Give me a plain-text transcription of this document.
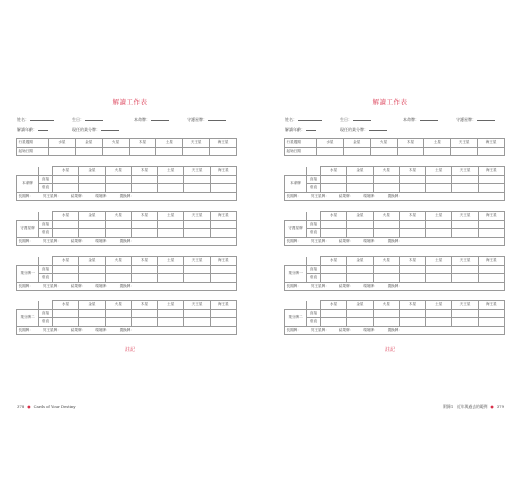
解讀工作表
姓名：	生日：	本命牌：	守護星牌：
解讀年齡：	現任的業分牌：
行星週期	水星	金星	火星	木星	土星	天王星	海王星
起始日期							
		水星	金星	火星	木星	土星	天王星	海王星
本命牌	直接							
	垂直							
長期牌： 冥王星牌： 結果牌： 環境牌： 置換牌：								
		水星	金星	火星	木星	土星	天王星	海王星
守護星牌	直接							
	垂直							
長期牌： 冥王星牌： 結果牌： 環境牌： 置換牌：								
		水星	金星	火星	木星	土星	天王星	海王星
業分牌一	直接							
	垂直							
長期牌： 冥王星牌： 結果牌： 環境牌： 置換牌：								
		水星	金星	火星	木星	土星	天王星	海王星
業分牌二	直接							
	垂直							
長期牌： 冥王星牌： 結果牌： 環境牌： 置換牌：								
註記
378 ● Cards of Your Destiny
解讀工作表
姓名：	生日：	本命牌：	守護星牌：
解讀年齡：	現任的業分牌：
行星週期	水星	金星	火星	木星	土星	天王星	海王星
起始日期							
		水星	金星	火星	木星	土星	天王星	海王星
本命牌	直接							
	垂直							
長期牌： 冥王星牌： 結果牌： 環境牌： 置換牌：								
		水星	金星	火星	木星	土星	天王星	海王星
守護星牌	直接							
	垂直							
長期牌： 冥王星牌： 結果牌： 環境牌： 置換牌：								
		水星	金星	火星	木星	土星	天王星	海王星
業分牌一	直接							
	垂直							
長期牌： 冥王星牌： 結果牌： 環境牌： 置換牌：								
		水星	金星	火星	木星	土星	天王星	海王星
業分牌二	直接							
	垂直							
長期牌： 冥王星牌： 結果牌： 環境牌： 置換牌：								
註記
附錄1　近年與過去的範例 ● 379
